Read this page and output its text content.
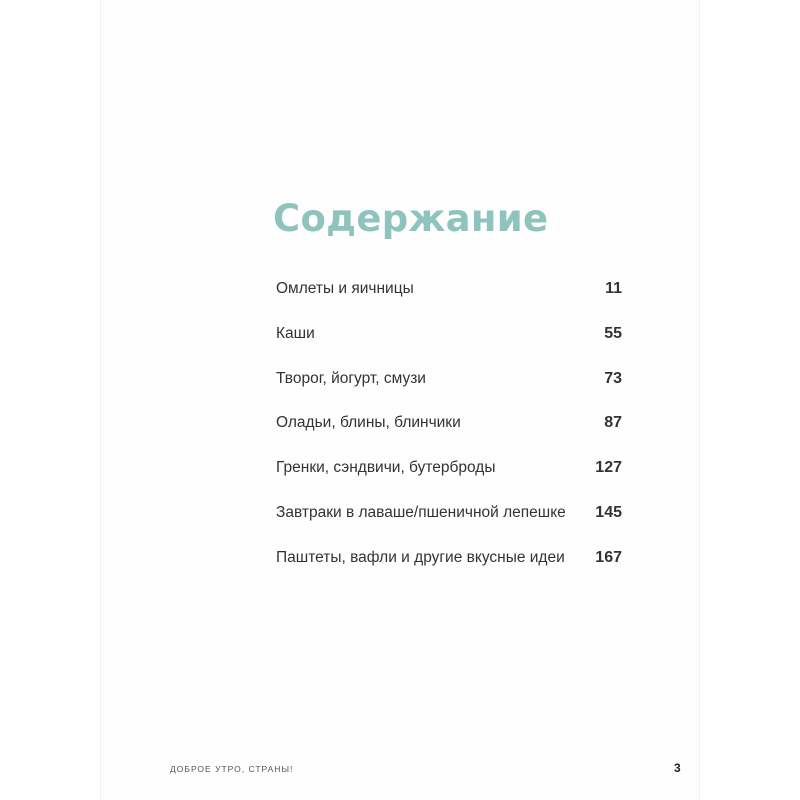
Содержание
Омлеты и яичницы	11
Каши	55
Творог, йогурт, смузи	73
Оладьи, блины, блинчики	87
Гренки, сэндвичи, бутерброды	127
Завтраки в лаваше/пшеничной лепешке 145
Паштеты, вафли и другие вкусные идеи 167
ДОБРОЕ УТРО, СТРАНЫ!	3
